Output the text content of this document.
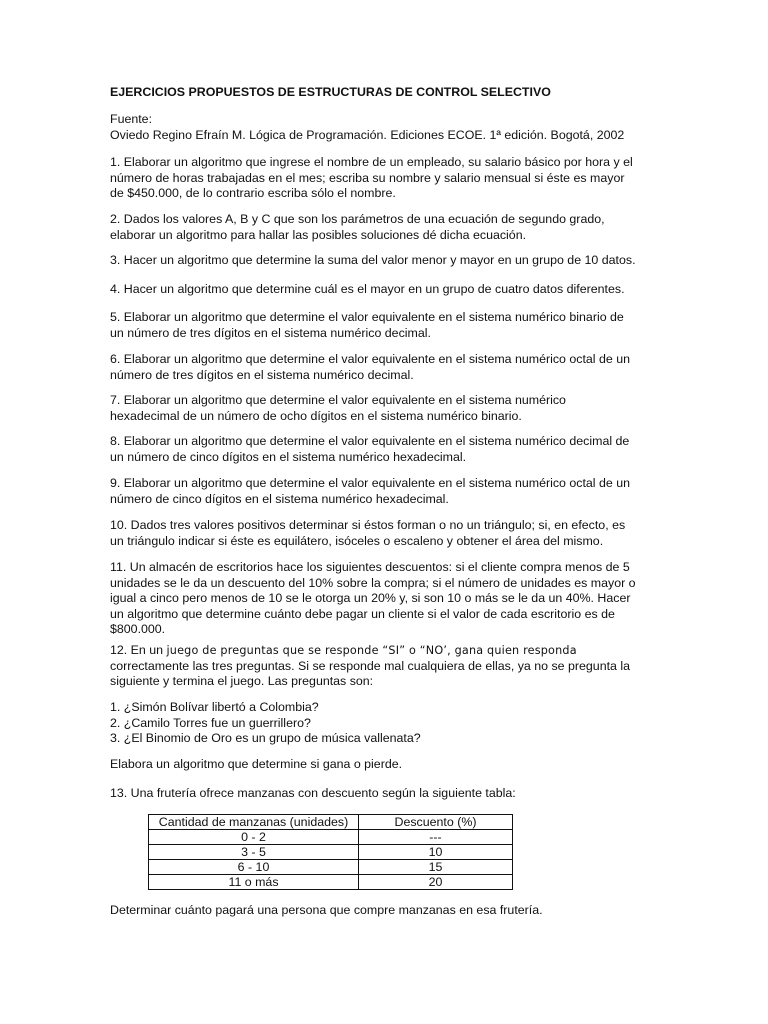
EJERCICIOS PROPUESTOS DE ESTRUCTURAS DE CONTROL SELECTIVO
Fuente:
Oviedo Regino Efraín M. Lógica de Programación. Ediciones ECOE. 1ª edición. Bogotá, 2002
1. Elaborar un algoritmo que ingrese el nombre de un empleado, su salario básico por hora y el
número de horas trabajadas en el mes; escriba su nombre y salario mensual si éste es mayor
de $450.000, de lo contrario escriba sólo el nombre.
2. Dados los valores A, B y C que son los parámetros de una ecuación de segundo grado,
elaborar un algoritmo para hallar las posibles soluciones dé dicha ecuación.
3. Hacer un algoritmo que determine la suma del valor menor y mayor en un grupo de 10 datos.
4. Hacer un algoritmo que determine cuál es el mayor en un grupo de cuatro datos diferentes.
5. Elaborar un algoritmo que determine el valor equivalente en el sistema numérico binario de
un número de tres dígitos en el sistema numérico decimal.
6. Elaborar un algoritmo que determine el valor equivalente en el sistema numérico octal de un
número de tres dígitos en el sistema numérico decimal.
7. Elaborar un algoritmo que determine el valor equivalente en el sistema numérico
hexadecimal de un número de ocho dígitos en el sistema numérico binario.
8. Elaborar un algoritmo que determine el valor equivalente en el sistema numérico decimal de
un número de cinco dígitos en el sistema numérico hexadecimal.
9. Elaborar un algoritmo que determine el valor equivalente en el sistema numérico octal de un
número de cinco dígitos en el sistema numérico hexadecimal.
10. Dados tres valores positivos determinar si éstos forman o no un triángulo; si, en efecto, es
un triángulo indicar si éste es equilátero, isóceles o escaleno y obtener el área del mismo.
11. Un almacén de escritorios hace los siguientes descuentos: si el cliente compra menos de 5
unidades se le da un descuento del 10% sobre la compra; si el número de unidades es mayor o
igual a cinco pero menos de 10 se le otorga un 20% y, si son 10 o más se le da un 40%. Hacer
un algoritmo que determine cuánto debe pagar un cliente si el valor de cada escritorio es de
$800.000.
12. En un juego de preguntas que se responde “SI” o “NO’, gana quien responda
correctamente las tres preguntas. Si se responde mal cualquiera de ellas, ya no se pregunta la
siguiente y termina el juego. Las preguntas son:
1. ¿Simón Bolívar libertó a Colombia?
2. ¿Camilo Torres fue un guerrillero?
3. ¿El Binomio de Oro es un grupo de música vallenata?
Elabora un algoritmo que determine si gana o pierde.
13. Una frutería ofrece manzanas con descuento según la siguiente tabla:
Cantidad de manzanas (unidades)	Descuento (%)
0 - 2	---
3 - 5	10
6 - 10	15
11 o más	20
Determinar cuánto pagará una persona que compre manzanas en esa frutería.
